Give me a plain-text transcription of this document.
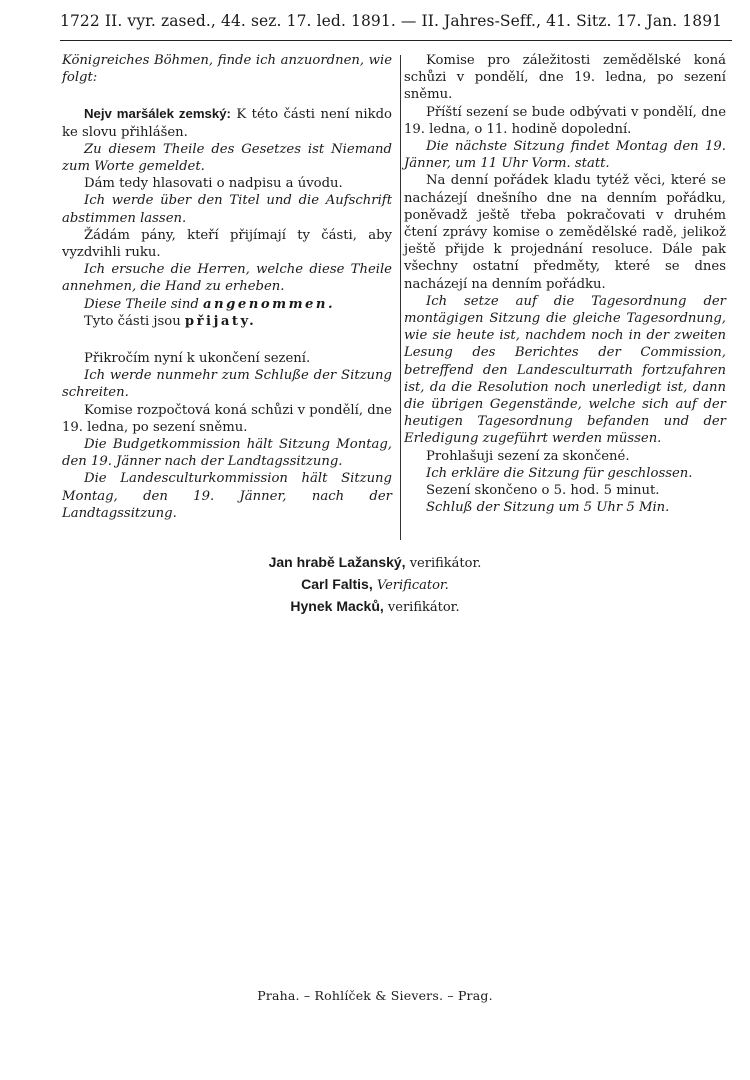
1722 II. vyr. zased., 44. sez. 17. led. 1891. — II. Jahres-Seff., 41. Sitz. 17. Jan. 1891

Königreiches Böhmen, finde ich anzuordnen, wie folgt:

Nejv maršálek zemský: K této části není nikdo ke slovu přihlášen.

Zu diesem Theile des Gesetzes ist Niemand zum Worte gemeldet.

Dám tedy hlasovati o nadpisu a úvodu.

Ich werde über den Titel und die Aufschrift abstimmen lassen.

Žádám pány, kteří přijímají ty části, aby vyzdvihli ruku.

Ich ersuche die Herren, welche diese Theile annehmen, die Hand zu erheben.

Diese Theile sind angenommen.

Tyto části jsou přijaty.

Přikročím nyní k ukončení sezení.

Ich werde nunmehr zum Schluße der Sitzung schreiten.

Komise rozpočtová koná schůzi v pondělí, dne 19. ledna, po sezení sněmu.

Die Budgetkommission hält Sitzung Montag, den 19. Jänner nach der Landtagssitzung.

Die Landesculturkommission hält Sitzung Montag, den 19. Jänner, nach der Landtagssitzung.

Komise pro záležitosti zemědělské koná schůzi v pondělí, dne 19. ledna, po sezení sněmu.

Příští sezení se bude odbývati v pondělí, dne 19. ledna, o 11. hodině dopolední.

Die nächste Sitzung findet Montag den 19. Jänner, um 11 Uhr Vorm. statt.

Na denní pořádek kladu tytéž věci, které se nacházejí dnešního dne na denním pořádku, poněvadž ještě třeba pokračovati v druhém čtení zprávy komise o zemědělské radě, jelikož ještě přijde k projednání resoluce. Dále pak všechny ostatní předměty, které se dnes nacházejí na denním pořádku.

Ich setze auf die Tagesordnung der montägigen Sitzung die gleiche Tagesordnung, wie sie heute ist, nachdem noch in der zweiten Lesung des Berichtes der Commission, betreffend den Landesculturrath fortzufahren ist, da die Resolution noch unerledigt ist, dann die übrigen Gegenstände, welche sich auf der heutigen Tagesordnung befanden und der Erledigung zugeführt werden müssen.

Prohlašuji sezení za skončené.

Ich erkläre die Sitzung für geschlossen.

Sezení skončeno o 5. hod. 5 minut.

Schluß der Sitzung um 5 Uhr 5 Min.

Jan hrabě Lažanský, verifikátor.
Carl Faltis, Verificator.
Hynek Macků, verifikátor.
Praha. – Rohlíček & Sievers. – Prag.
